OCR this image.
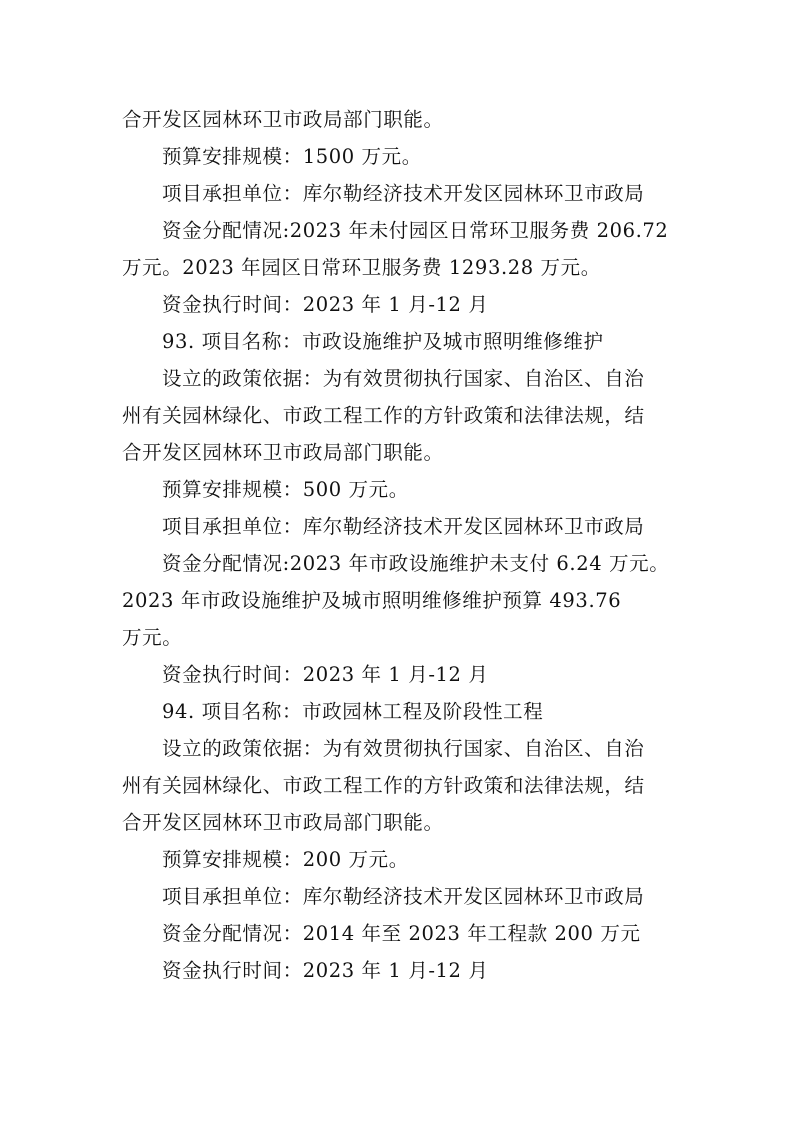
合开发区园林环卫市政局部门职能。
预算安排规模：1500 万元。
项目承担单位：库尔勒经济技术开发区园林环卫市政局
资金分配情况:2023 年未付园区日常环卫服务费 206.72
万元。2023 年园区日常环卫服务费 1293.28 万元。
资金执行时间：2023 年 1 月-12 月
93. 项目名称：市政设施维护及城市照明维修维护
设立的政策依据：为有效贯彻执行国家、自治区、自治
州有关园林绿化、市政工程工作的方针政策和法律法规，结
合开发区园林环卫市政局部门职能。
预算安排规模：500 万元。
项目承担单位：库尔勒经济技术开发区园林环卫市政局
资金分配情况:2023 年市政设施维护未支付 6.24 万元。
2023 年市政设施维护及城市照明维修维护预算 493.76
万元。
资金执行时间：2023 年 1 月-12 月
94. 项目名称：市政园林工程及阶段性工程
设立的政策依据：为有效贯彻执行国家、自治区、自治
州有关园林绿化、市政工程工作的方针政策和法律法规，结
合开发区园林环卫市政局部门职能。
预算安排规模：200 万元。
项目承担单位：库尔勒经济技术开发区园林环卫市政局
资金分配情况：2014 年至 2023 年工程款 200 万元
资金执行时间：2023 年 1 月-12 月
